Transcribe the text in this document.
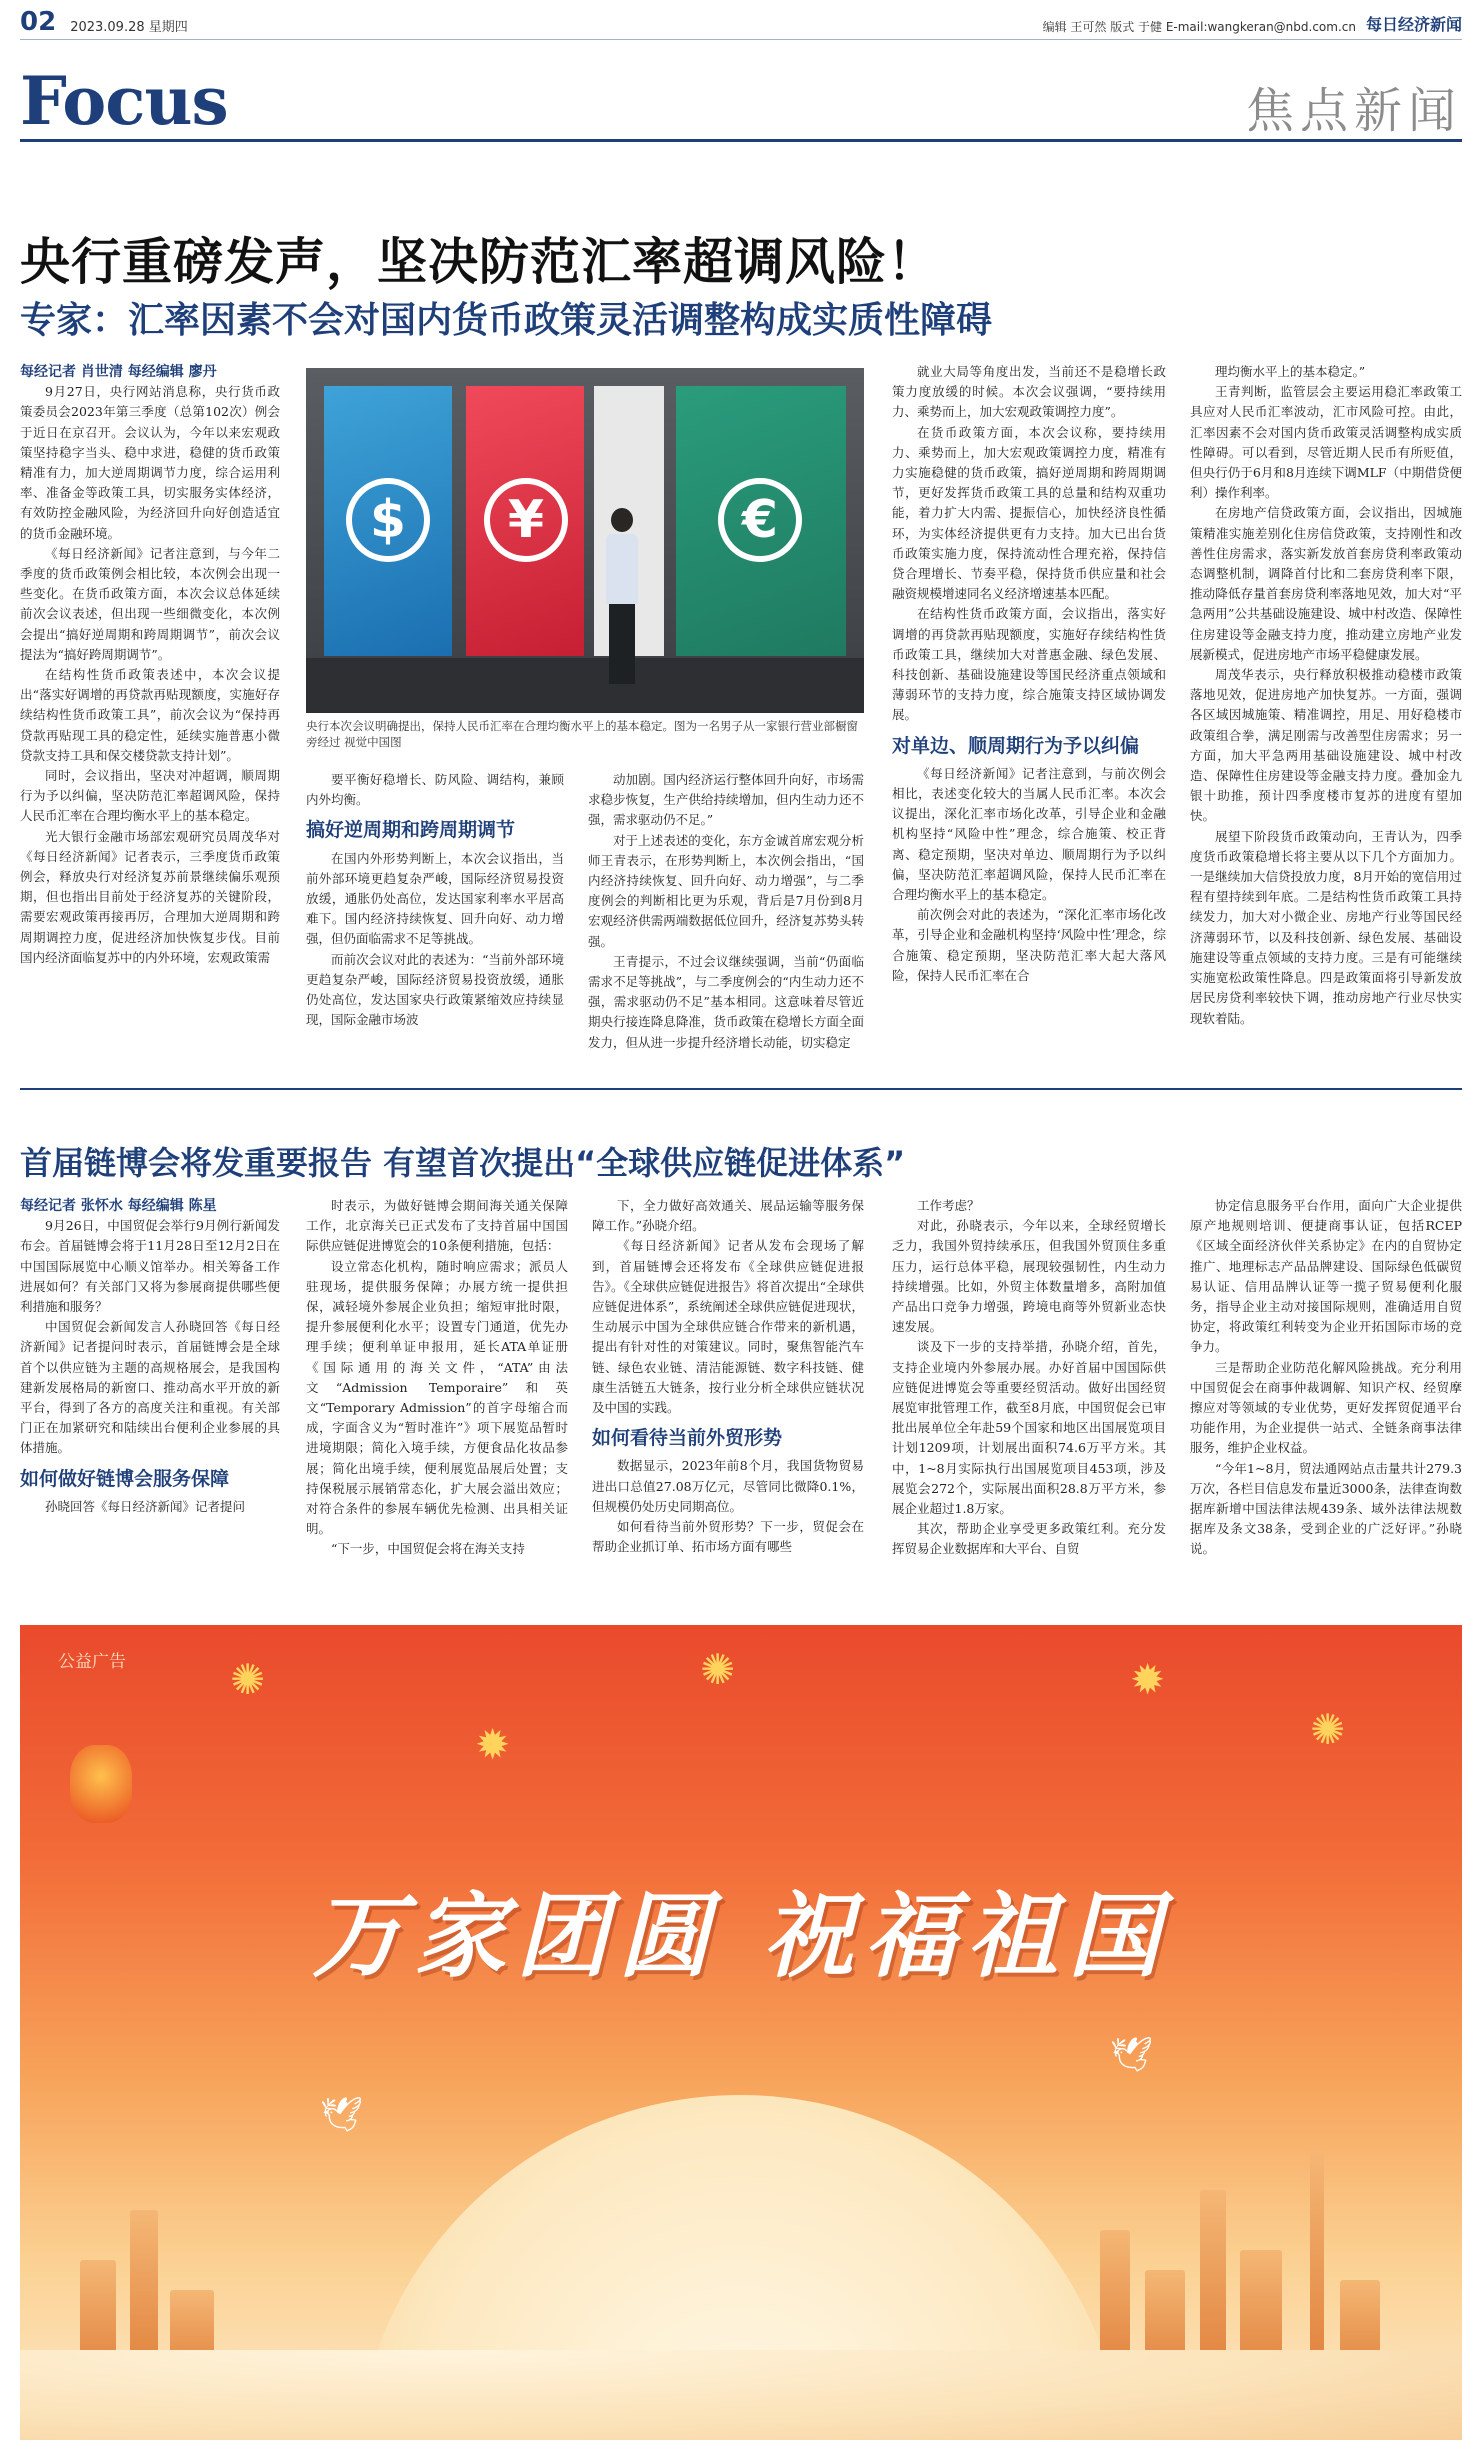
02 2023.09.28 星期四	编辑 王可然 版式 于健 E-mail:wangkeran@nbd.com.cn 每日经济新闻
Focus	焦点新闻
央行重磅发声，坚决防范汇率超调风险！
专家：汇率因素不会对国内货币政策灵活调整构成实质性障碍

每经记者 肖世清 每经编辑 廖丹

9月27日，央行网站消息称，央行货币政策委员会2023年第三季度（总第102次）例会于近日在京召开。会议认为，今年以来宏观政策坚持稳字当头、稳中求进，稳健的货币政策精准有力，加大逆周期调节力度，综合运用利率、准备金等政策工具，切实服务实体经济，有效防控金融风险，为经济回升向好创造适宜的货币金融环境。

《每日经济新闻》记者注意到，与今年二季度的货币政策例会相比较，本次例会出现一些变化。在货币政策方面，本次会议总体延续前次会议表述，但出现一些细微变化，本次例会提出“搞好逆周期和跨周期调节”，前次会议提法为“搞好跨周期调节”。

在结构性货币政策表述中，本次会议提出“落实好调增的再贷款再贴现额度，实施好存续结构性货币政策工具”，前次会议为“保持再贷款再贴现工具的稳定性，延续实施普惠小微贷款支持工具和保交楼贷款支持计划”。

同时，会议指出，坚决对冲超调，顺周期行为予以纠偏，坚决防范汇率超调风险，保持人民币汇率在合理均衡水平上的基本稳定。

光大银行金融市场部宏观研究员周茂华对《每日经济新闻》记者表示，三季度货币政策例会，释放央行对经济复苏前景继续偏乐观预期，但也指出目前处于经济复苏的关键阶段，需要宏观政策再接再厉，合理加大逆周期和跨周期调控力度，促进经济加快恢复步伐。目前国内经济面临复苏中的内外环境，宏观政策需

$	¥	€
央行本次会议明确提出，保持人民币汇率在合理均衡水平上的基本稳定。图为一名男子从一家银行营业部橱窗旁经过 视觉中国图

要平衡好稳增长、防风险、调结构，兼顾内外均衡。

搞好逆周期和跨周期调节

在国内外形势判断上，本次会议指出，当前外部环境更趋复杂严峻，国际经济贸易投资放缓，通胀仍处高位，发达国家利率水平居高难下。国内经济持续恢复、回升向好、动力增强，但仍面临需求不足等挑战。

而前次会议对此的表述为：“当前外部环境更趋复杂严峻，国际经济贸易投资放缓，通胀仍处高位，发达国家央行政策紧缩效应持续显现，国际金融市场波

动加剧。国内经济运行整体回升向好，市场需求稳步恢复，生产供给持续增加，但内生动力还不强，需求驱动仍不足。”

对于上述表述的变化，东方金诚首席宏观分析师王青表示，在形势判断上，本次例会指出，“国内经济持续恢复、回升向好、动力增强”，与二季度例会的判断相比更为乐观，背后是7月份到8月宏观经济供需两端数据低位回升，经济复苏势头转强。

王青提示，不过会议继续强调，当前“仍面临需求不足等挑战”，与二季度例会的“内生动力还不强，需求驱动仍不足”基本相同。这意味着尽管近期央行接连降息降准，货币政策在稳增长方面全面发力，但从进一步提升经济增长动能，切实稳定

就业大局等角度出发，当前还不是稳增长政策力度放缓的时候。本次会议强调，“要持续用力、乘势而上，加大宏观政策调控力度”。

在货币政策方面，本次会议称，要持续用力、乘势而上，加大宏观政策调控力度，精准有力实施稳健的货币政策，搞好逆周期和跨周期调节，更好发挥货币政策工具的总量和结构双重功能，着力扩大内需、提振信心，加快经济良性循环，为实体经济提供更有力支持。加大已出台货币政策实施力度，保持流动性合理充裕，保持信贷合理增长、节奏平稳，保持货币供应量和社会融资规模增速同名义经济增速基本匹配。

在结构性货币政策方面，会议指出，落实好调增的再贷款再贴现额度，实施好存续结构性货币政策工具，继续加大对普惠金融、绿色发展、科技创新、基础设施建设等国民经济重点领域和薄弱环节的支持力度，综合施策支持区域协调发展。

对单边、顺周期行为予以纠偏

《每日经济新闻》记者注意到，与前次例会相比，表述变化较大的当属人民币汇率。本次会议提出，深化汇率市场化改革，引导企业和金融机构坚持“风险中性”理念，综合施策、校正背离、稳定预期，坚决对单边、顺周期行为予以纠偏，坚决防范汇率超调风险，保持人民币汇率在合理均衡水平上的基本稳定。

前次例会对此的表述为，“深化汇率市场化改革，引导企业和金融机构坚持‘风险中性’理念，综合施策、稳定预期，坚决防范汇率大起大落风险，保持人民币汇率在合

理均衡水平上的基本稳定。”

王青判断，监管层会主要运用稳汇率政策工具应对人民币汇率波动，汇市风险可控。由此，汇率因素不会对国内货币政策灵活调整构成实质性障碍。可以看到，尽管近期人民币有所贬值，但央行仍于6月和8月连续下调MLF（中期借贷便利）操作利率。

在房地产信贷政策方面，会议指出，因城施策精准实施差别化住房信贷政策，支持刚性和改善性住房需求，落实新发放首套房贷利率政策动态调整机制，调降首付比和二套房贷利率下限，推动降低存量首套房贷利率落地见效，加大对“平急两用”公共基础设施建设、城中村改造、保障性住房建设等金融支持力度，推动建立房地产业发展新模式，促进房地产市场平稳健康发展。

周茂华表示，央行释放积极推动稳楼市政策落地见效，促进房地产加快复苏。一方面，强调各区域因城施策、精准调控，用足、用好稳楼市政策组合拳，满足刚需与改善型住房需求；另一方面，加大平急两用基础设施建设、城中村改造、保障性住房建设等金融支持力度。叠加金九银十助推，预计四季度楼市复苏的进度有望加快。

展望下阶段货币政策动向，王青认为，四季度货币政策稳增长将主要从以下几个方面加力。一是继续加大信贷投放力度，8月开始的宽信用过程有望持续到年底。二是结构性货币政策工具持续发力，加大对小微企业、房地产行业等国民经济薄弱环节，以及科技创新、绿色发展、基础设施建设等重点领域的支持力度。三是有可能继续实施宽松政策性降息。四是政策面将引导新发放居民房贷利率较快下调，推动房地产行业尽快实现软着陆。

首届链博会将发重要报告 有望首次提出“全球供应链促进体系”

每经记者 张怀水 每经编辑 陈星

9月26日，中国贸促会举行9月例行新闻发布会。首届链博会将于11月28日至12月2日在中国国际展览中心顺义馆举办。相关筹备工作进展如何？有关部门又将为参展商提供哪些便利措施和服务？

中国贸促会新闻发言人孙晓回答《每日经济新闻》记者提问时表示，首届链博会是全球首个以供应链为主题的高规格展会，是我国构建新发展格局的新窗口、推动高水平开放的新平台，得到了各方的高度关注和重视。有关部门正在加紧研究和陆续出台便利企业参展的具体措施。

如何做好链博会服务保障

孙晓回答《每日经济新闻》记者提问

时表示，为做好链博会期间海关通关保障工作，北京海关已正式发布了支持首届中国国际供应链促进博览会的10条便利措施，包括：

设立常态化机构，随时响应需求；派员人驻现场，提供服务保障；办展方统一提供担保，减轻境外参展企业负担；缩短审批时限，提升参展便利化水平；设置专门通道，优先办理手续；便利单证申报用，延长ATA单证册《国际通用的海关文件，“ATA”由法文“Admission Temporaire”和英文“Temporary Admission”的首字母缩合而成，字面含义为“暂时准许”》项下展览品暂时进境期限；简化入境手续，方便食品化妆品参展；简化出境手续，便利展览品展后处置；支持保税展示展销常态化，扩大展会溢出效应；对符合条件的参展车辆优先检测、出具相关证明。

“下一步，中国贸促会将在海关支持

下，全力做好高效通关、展品运输等服务保障工作。”孙晓介绍。

《每日经济新闻》记者从发布会现场了解到，首届链博会还将发布《全球供应链促进报告》。《全球供应链促进报告》将首次提出“全球供应链促进体系”，系统阐述全球供应链促进现状，生动展示中国为全球供应链合作带来的新机遇，提出有针对性的对策建议。同时，聚焦智能汽车链、绿色农业链、清洁能源链、数字科技链、健康生活链五大链条，按行业分析全球供应链状况及中国的实践。

如何看待当前外贸形势

数据显示，2023年前8个月，我国货物贸易进出口总值27.08万亿元，尽管同比微降0.1%，但规模仍处历史同期高位。

如何看待当前外贸形势？下一步，贸促会在帮助企业抓订单、拓市场方面有哪些

工作考虑？

对此，孙晓表示，今年以来，全球经贸增长乏力，我国外贸持续承压，但我国外贸顶住多重压力，运行总体平稳，展现较强韧性，内生动力持续增强。比如，外贸主体数量增多，高附加值产品出口竞争力增强，跨境电商等外贸新业态快速发展。

谈及下一步的支持举措，孙晓介绍，首先，支持企业境内外参展办展。办好首届中国国际供应链促进博览会等重要经贸活动。做好出国经贸展览审批管理工作，截至8月底，中国贸促会已审批出展单位全年赴59个国家和地区出国展览项目计划1209项，计划展出面积74.6万平方米。其中，1~8月实际执行出国展览项目453项，涉及展览会272个，实际展出面积28.8万平方米，参展企业超过1.8万家。

其次，帮助企业享受更多政策红利。充分发挥贸易企业数据库和大平台、自贸

协定信息服务平台作用，面向广大企业提供原产地规则培训、便捷商事认证，包括RCEP《区域全面经济伙伴关系协定》在内的自贸协定推广、地理标志产品品牌建设、国际绿色低碳贸易认证、信用品牌认证等一揽子贸易便利化服务，指导企业主动对接国际规则，准确适用自贸协定，将政策红利转变为企业开拓国际市场的竞争力。

三是帮助企业防范化解风险挑战。充分利用中国贸促会在商事仲裁调解、知识产权、经贸摩擦应对等领域的专业优势，更好发挥贸促通平台功能作用，为企业提供一站式、全链条商事法律服务，维护企业权益。

“今年1~8月，贸法通网站点击量共计279.3万次，各栏目信息发布量近3000条，法律查询数据库新增中国法律法规439条、域外法律法规数据库及条文38条，受到企业的广泛好评。”孙晓说。

公益广告 ✺
✹
✺	✹
✺
万家团圆 祝福祖国
🕊
🕊
